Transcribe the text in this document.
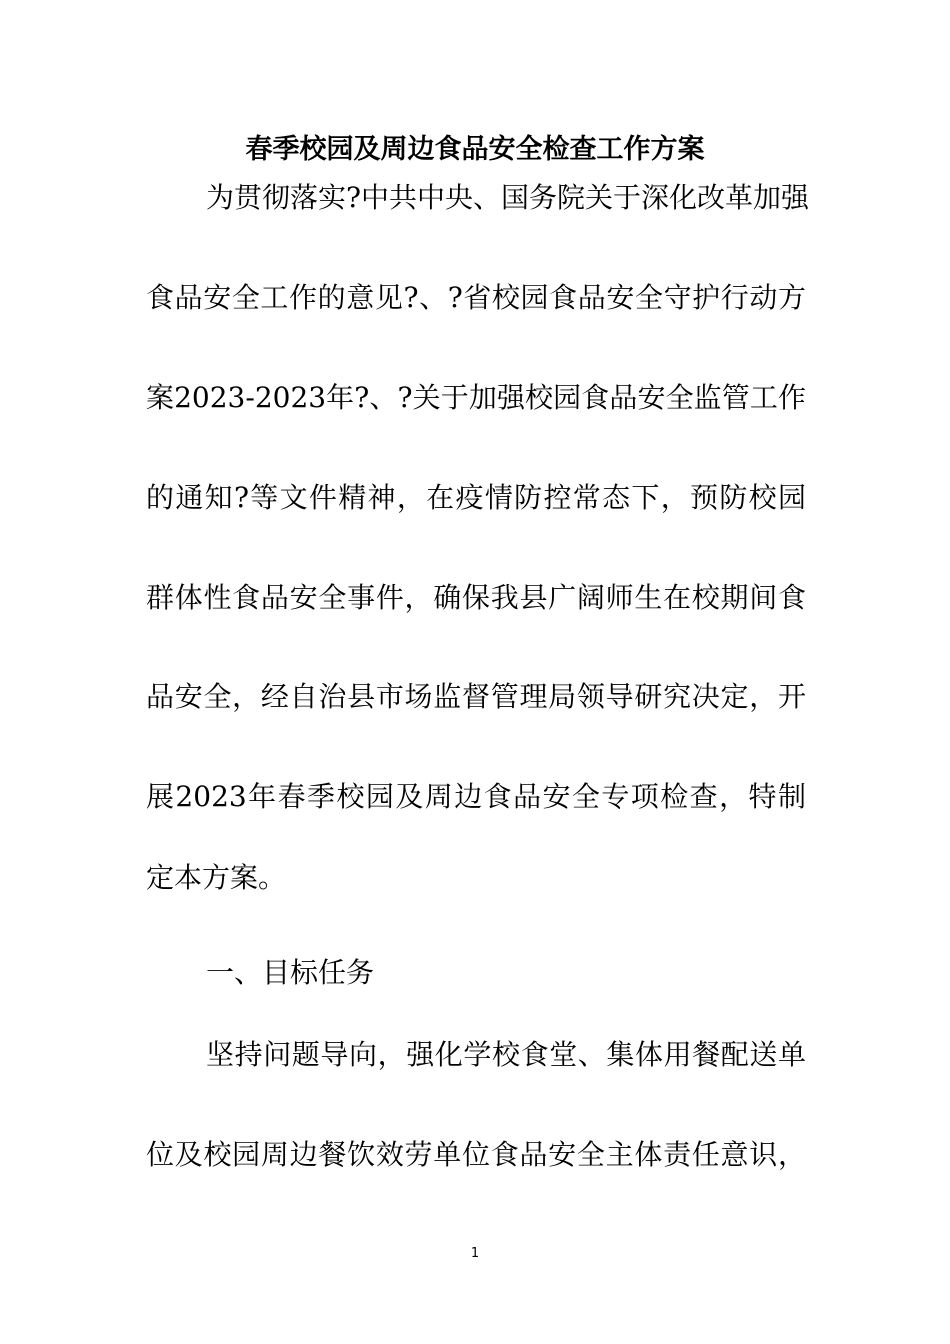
春季校园及周边食品安全检查工作方案

为贯彻落实?中共中央、国务院关于深化改革加强

食品安全工作的意见?、?省校园食品安全守护行动方

案2023-2023年?、?关于加强校园食品安全监管工作

的通知?等文件精神，在疫情防控常态下，预防校园

群体性食品安全事件，确保我县广阔师生在校期间食

品安全，经自治县市场监督管理局领导研究决定，开

展2023年春季校园及周边食品安全专项检查，特制

定本方案。

一、目标任务

坚持问题导向，强化学校食堂、集体用餐配送单

位及校园周边餐饮效劳单位食品安全主体责任意识，

1
